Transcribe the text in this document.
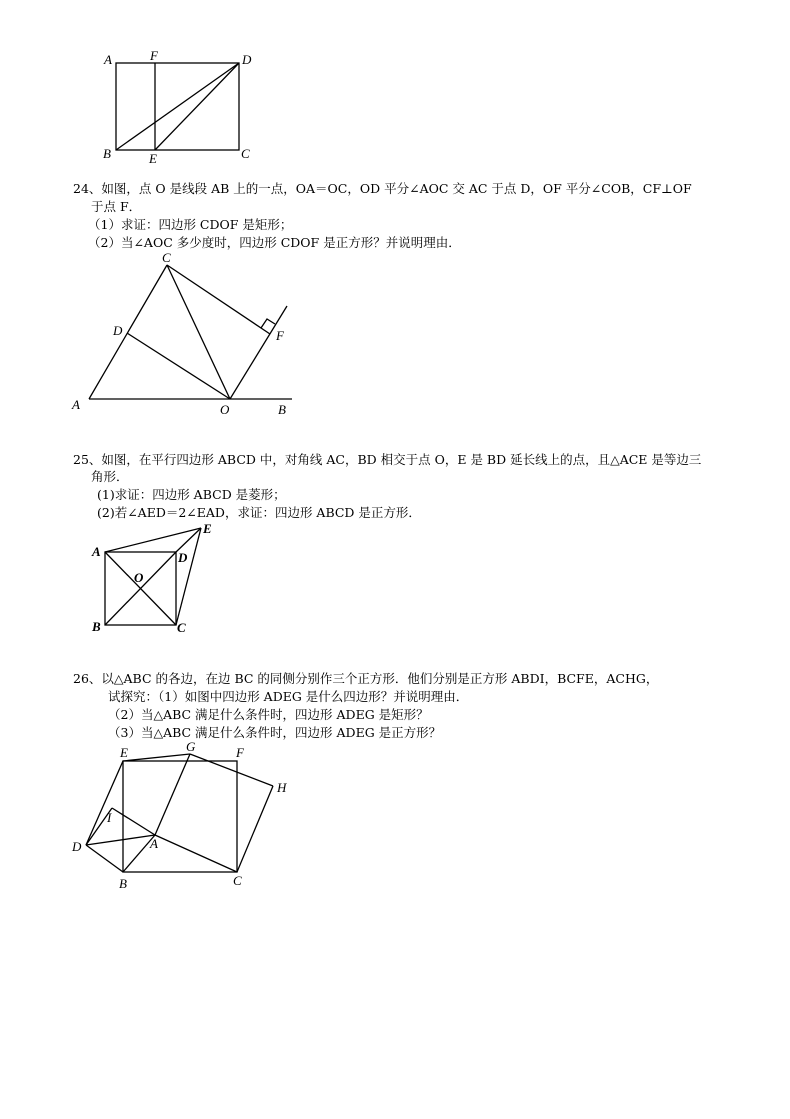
A	F	D
B	E	C
24、如图，点 O 是线段 AB 上的一点，OA＝OC，OD 平分∠AOC 交 AC 于点 D，OF 平分∠COB，CF⊥OF
于点 F．
（1）求证：四边形 CDOF 是矩形；
（2）当∠AOC 多少度时，四边形 CDOF 是正方形？并说明理由．
C
D	F
A	O	B
25、如图，在平行四边形 ABCD 中，对角线 AC，BD 相交于点 O，E 是 BD 延长线上的点，且△ACE 是等边三
角形．
(1)求证：四边形 ABCD 是菱形；
(2)若∠AED＝2∠EAD，求证：四边形 ABCD 是正方形．
A
B	C
D
E
O
26、以△ABC 的各边，在边 BC 的同侧分别作三个正方形．他们分别是正方形 ABDI，BCFE，ACHG，
试探究：（1）如图中四边形 ADEG 是什么四边形？并说明理由．
（2）当△ABC 满足什么条件时，四边形 ADEG 是矩形？
（3）当△ABC 满足什么条件时，四边形 ADEG 是正方形？
E	G	F
H
I
D	A
B	C
